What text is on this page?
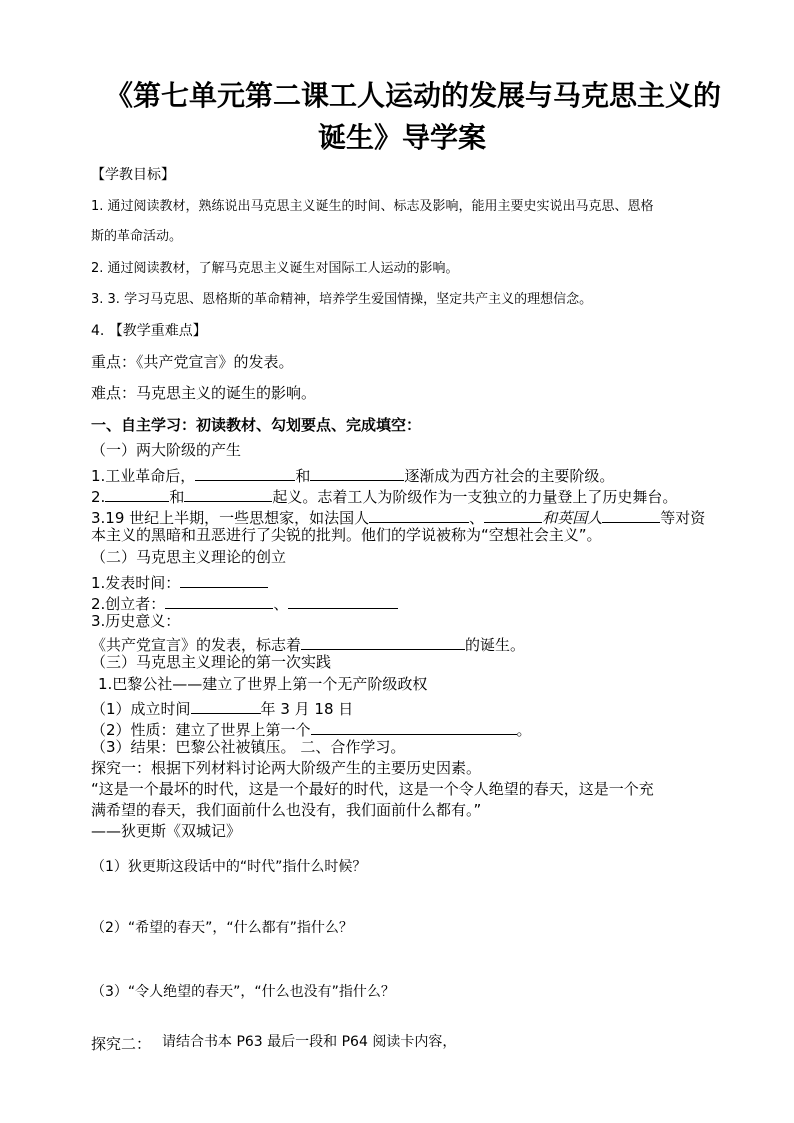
《第七单元第二课工人运动的发展与马克思主义的
诞生》导学案
【学教目标】
1. 通过阅读教材，熟练说出马克思主义诞生的时间、标志及影响，能用主要史实说出马克思、恩格
斯的革命活动。
2. 通过阅读教材，了解马克思主义诞生对国际工人运动的影响。
3. 3. 学习马克思、恩格斯的革命精神，培养学生爱国情操，坚定共产主义的理想信念。
4. 【教学重难点】
重点：《共产党宣言》的发表。
难点：马克思主义的诞生的影响。
一、自主学习：初读教材、勾划要点、完成填空：
（一）两大阶级的产生
1.工业革命后，	和	逐渐成为西方社会的主要阶级。
2.	和	起义。志着工人为阶级作为一支独立的力量登上了历史舞台。
3.19 世纪上半期，一些思想家，如法国人	、	和英国人	等对资
本主义的黑暗和丑恶进行了尖锐的批判。他们的学说被称为“空想社会主义”。
（二）马克思主义理论的创立
1.发表时间：
2.创立者：	、
3.历史意义：
《共产党宣言》的发表，标志着	的诞生。
（三）马克思主义理论的第一次实践
1.巴黎公社——建立了世界上第一个无产阶级政权
（1）成立时间	年 3 月 18 日
（2）性质：建立了世界上第一个	。
（3）结果：巴黎公社被镇压。 二、合作学习。
探究一：根据下列材料讨论两大阶级产生的主要历史因素。
“这是一个最坏的时代，这是一个最好的时代，这是一个令人绝望的春天，这是一个充
满希望的春天，我们面前什么也没有，我们面前什么都有。”
——狄更斯《双城记》
（1）狄更斯这段话中的“时代”指什么时候？
（2）“希望的春天”，“什么都有”指什么？
（3）“令人绝望的春天”，“什么也没有”指什么？
探究二： 请结合书本 P63 最后一段和 P64 阅读卡内容，
